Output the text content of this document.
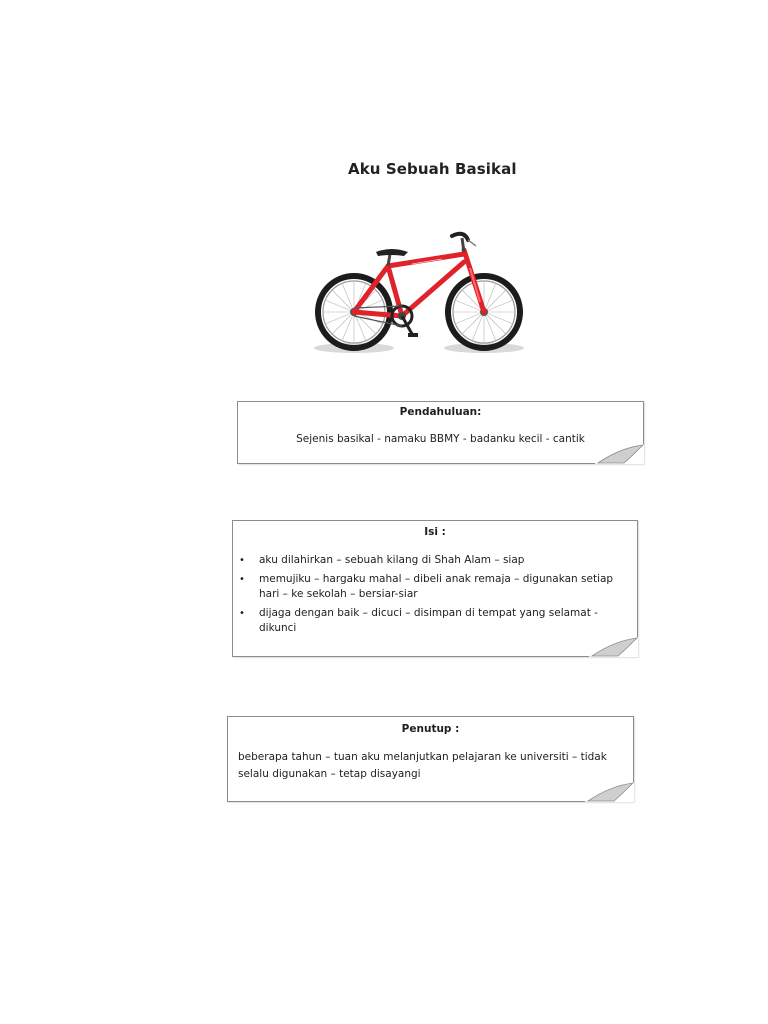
Aku Sebuah Basikal
Pendahuluan:
Sejenis basikal - namaku BBMY - badanku kecil - cantik
Isi :
• aku dilahirkan – sebuah kilang di Shah Alam – siap
• memujiku – hargaku mahal – dibeli anak remaja – digunakan setiap hari – ke sekolah – bersiar-siar
• dijaga dengan baik – dicuci – disimpan di tempat yang selamat - dikunci
Penutup :
beberapa tahun – tuan aku melanjutkan pelajaran ke universiti – tidak selalu digunakan – tetap disayangi
